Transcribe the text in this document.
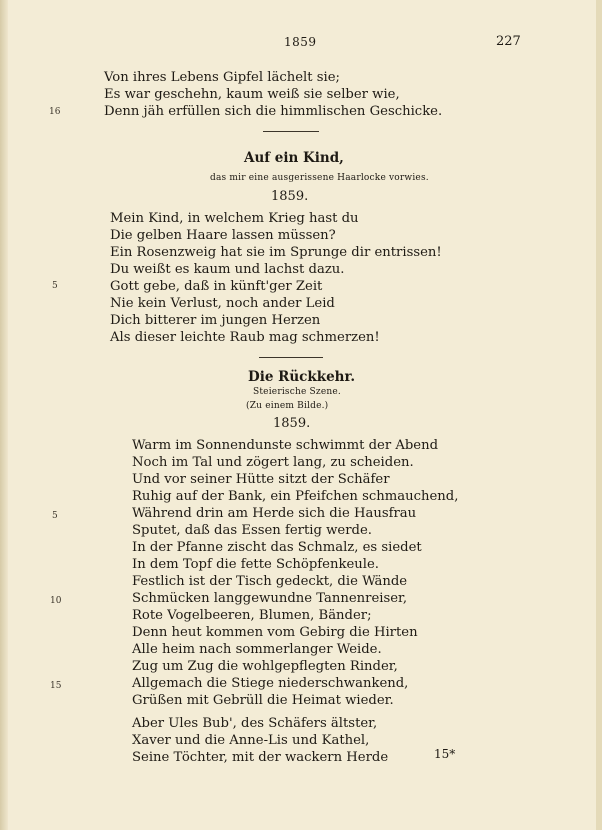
1859	227
Von ihres Lebens Gipfel lächelt sie;
Es war geschehn, kaum weiß sie selber wie,
Denn jäh erfüllen sich die himmlischen Geschicke.
16
Auf ein Kind,
das mir eine ausgerissene Haarlocke vorwies.
1859.
Mein Kind, in welchem Krieg hast du
Die gelben Haare lassen müssen?
Ein Rosenzweig hat sie im Sprunge dir entrissen!
Du weißt es kaum und lachst dazu.
Gott gebe, daß in künft'ger Zeit
Nie kein Verlust, noch ander Leid
Dich bitterer im jungen Herzen
Als dieser leichte Raub mag schmerzen!
5
Die Rückkehr.
Steierische Szene.
(Zu einem Bilde.)
1859.
Warm im Sonnendunste schwimmt der Abend
Noch im Tal und zögert lang, zu scheiden.
Und vor seiner Hütte sitzt der Schäfer
Ruhig auf der Bank, ein Pfeifchen schmauchend,
Während drin am Herde sich die Hausfrau
Sputet, daß das Essen fertig werde.
In der Pfanne zischt das Schmalz, es siedet
In dem Topf die fette Schöpfenkeule.
Festlich ist der Tisch gedeckt, die Wände
Schmücken langgewundne Tannenreiser,
Rote Vogelbeeren, Blumen, Bänder;
Denn heut kommen vom Gebirg die Hirten
Alle heim nach sommerlanger Weide.
Zug um Zug die wohlgepflegten Rinder,
Allgemach die Stiege niederschwankend,
Grüßen mit Gebrüll die Heimat wieder.
Aber Ules Bub', des Schäfers ältster,
Xaver und die Anne-Lis und Kathel,
Seine Töchter, mit der wackern Herde
5
10
15
15*
